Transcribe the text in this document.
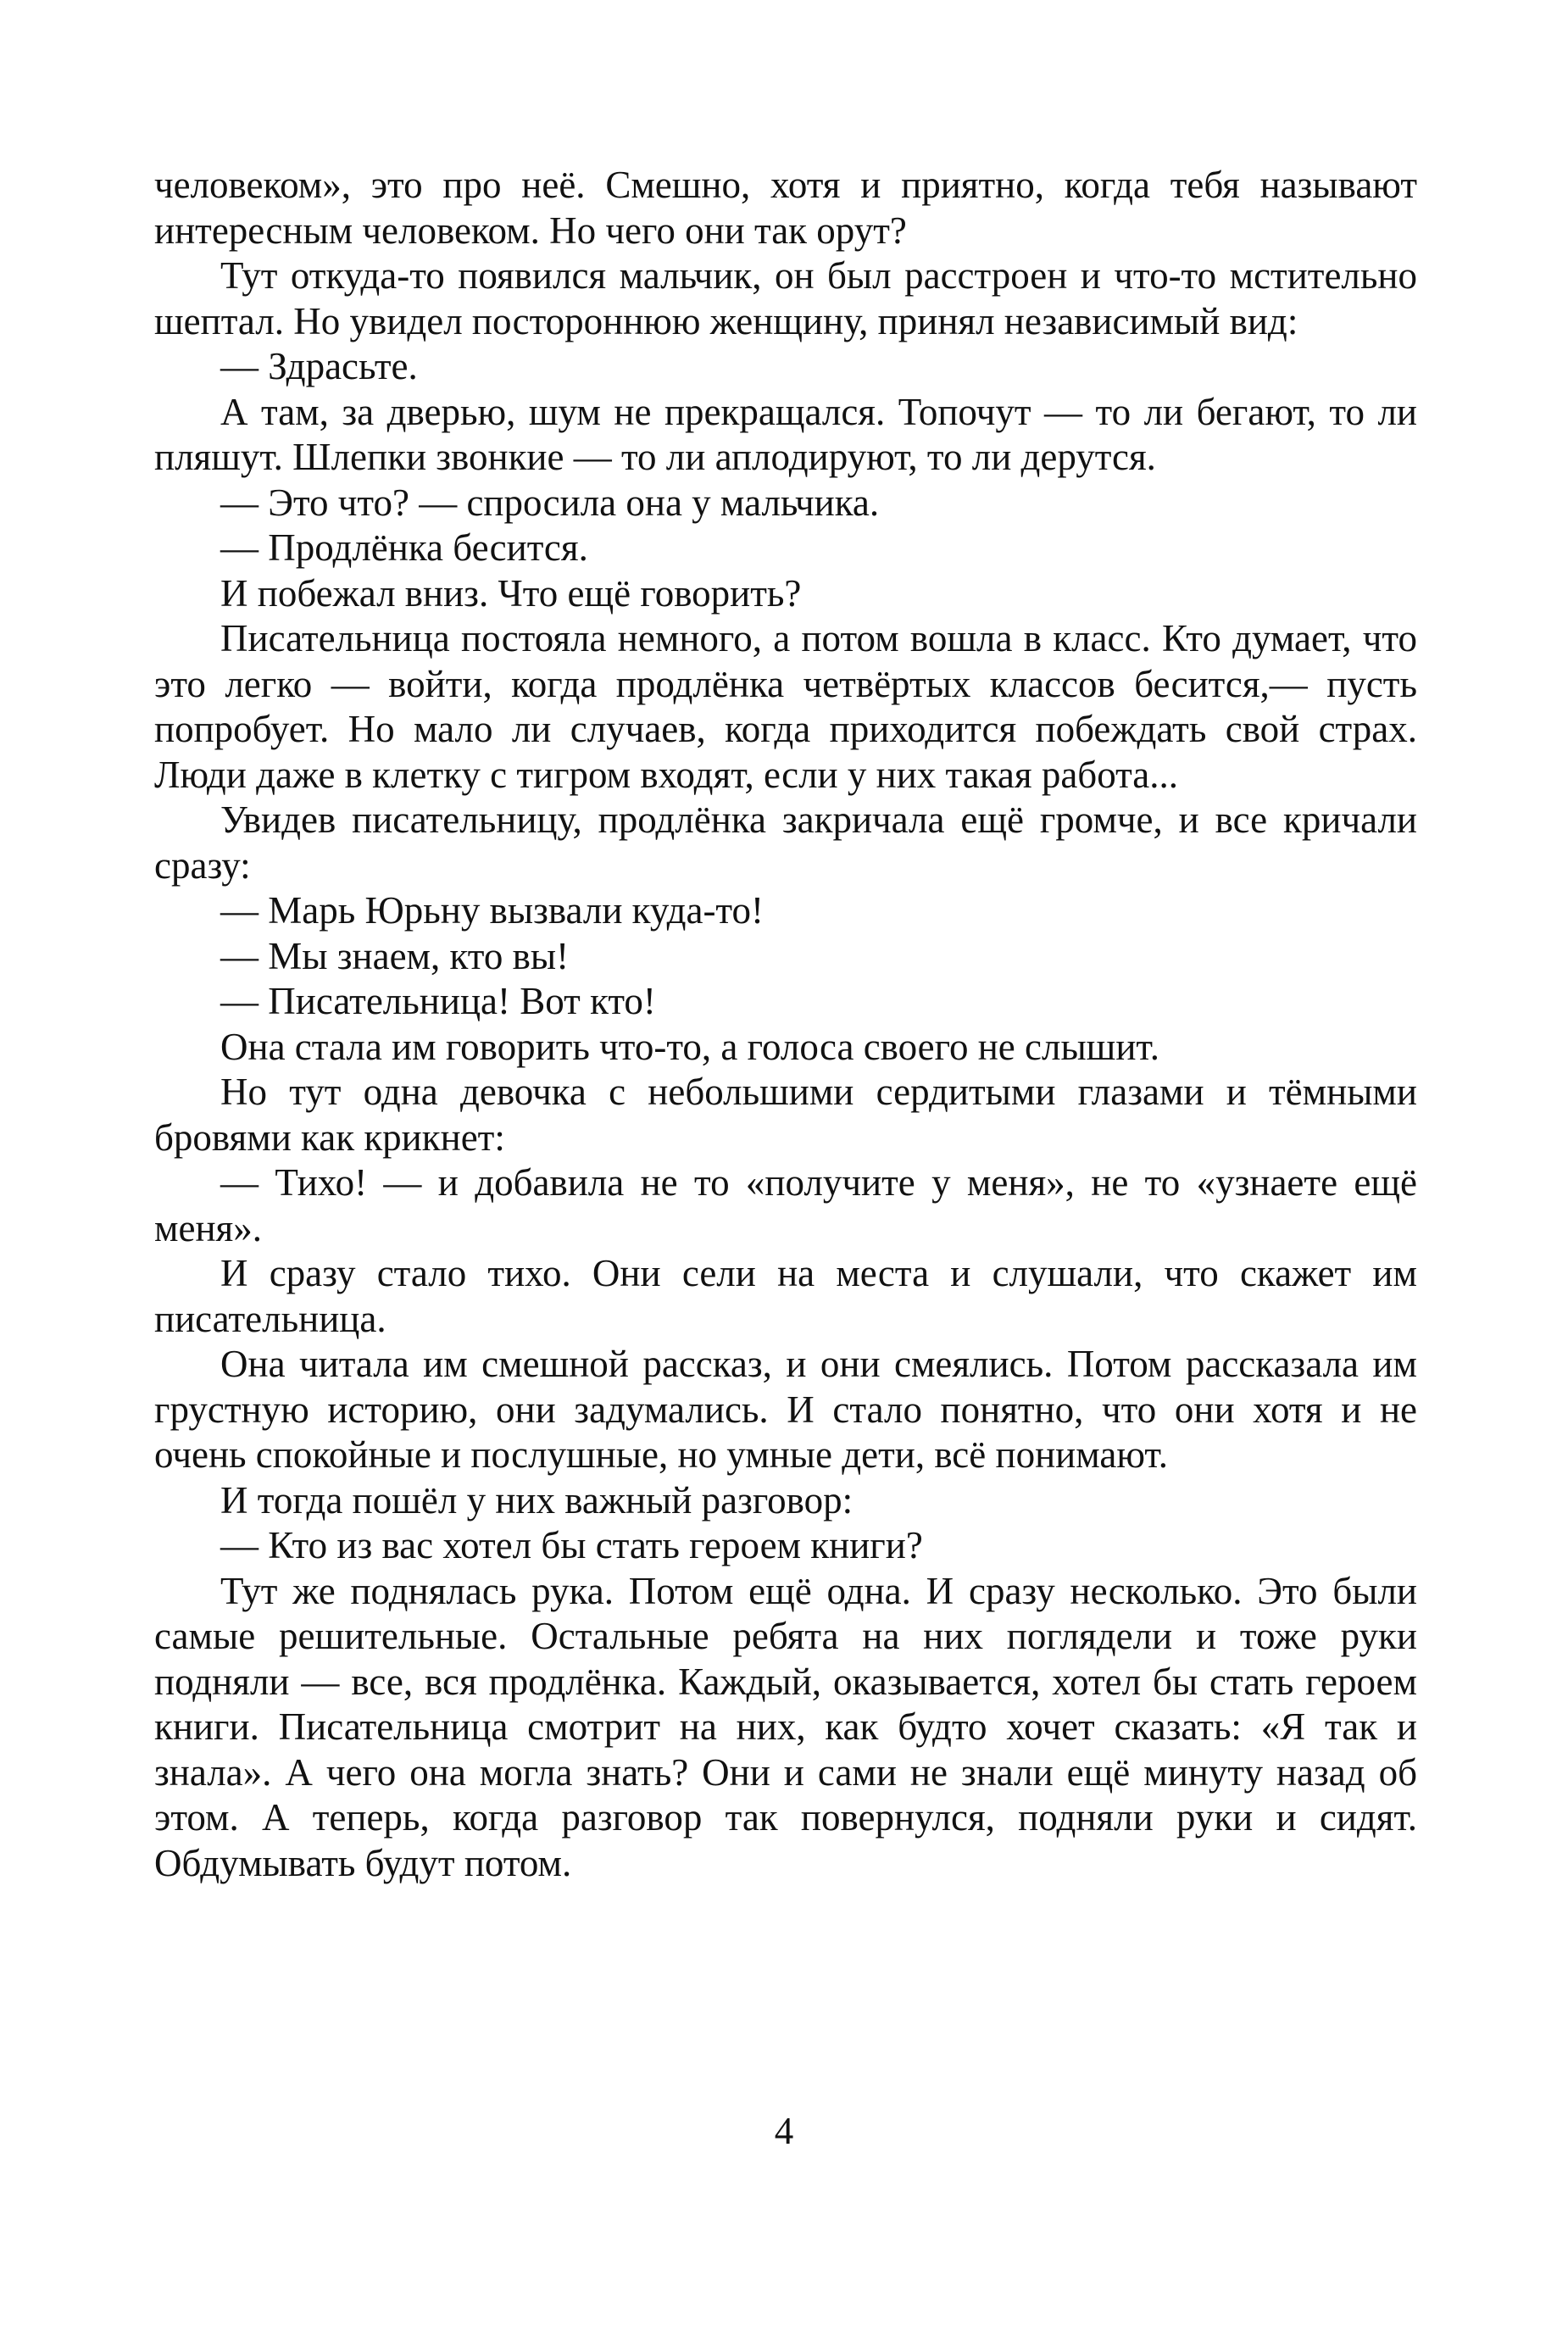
человеком», это про неё. Смешно, хотя и приятно, когда тебя называют интересным человеком. Но чего они так орут?

Тут откуда-то появился мальчик, он был расстроен и что-то мстительно шептал. Но увидел постороннюю женщину, принял независимый вид:

— Здрасьте.

А там, за дверью, шум не прекращался. Топочут — то ли бегают, то ли пляшут. Шлепки звонкие — то ли аплодируют, то ли дерутся.

— Это что? — спросила она у мальчика.

— Продлёнка бесится.

И побежал вниз. Что ещё говорить?

Писательница постояла немного, а потом вошла в класс. Кто думает, что это легко — войти, когда продлёнка четвёртых классов бесится,— пусть попробует. Но мало ли случаев, когда приходится побеждать свой страх. Люди даже в клетку с тигром входят, если у них такая работа...

Увидев писательницу, продлёнка закричала ещё громче, и все кричали сразу:

— Марь Юрьну вызвали куда-то!

— Мы знаем, кто вы!

— Писательница! Вот кто!

Она стала им говорить что-то, а голоса своего не слышит.

Но тут одна девочка с небольшими сердитыми глазами и тёмными бровями как крикнет:

— Тихо! — и добавила не то «получите у меня», не то «узнаете ещё меня».

И сразу стало тихо. Они сели на места и слушали, что скажет им писательница.

Она читала им смешной рассказ, и они смеялись. Потом рассказала им грустную историю, они задумались. И стало понятно, что они хотя и не очень спокойные и послушные, но умные дети, всё понимают.

И тогда пошёл у них важный разговор:

— Кто из вас хотел бы стать героем книги?

Тут же поднялась рука. Потом ещё одна. И сразу несколько. Это были самые решительные. Остальные ребята на них поглядели и тоже руки подняли — все, вся продлёнка. Каждый, оказывается, хотел бы стать героем книги. Писательница смотрит на них, как будто хочет сказать: «Я так и знала». А чего она могла знать? Они и сами не знали ещё минуту назад об этом. А теперь, когда разговор так повернулся, подняли руки и сидят. Обдумывать будут потом.

4
